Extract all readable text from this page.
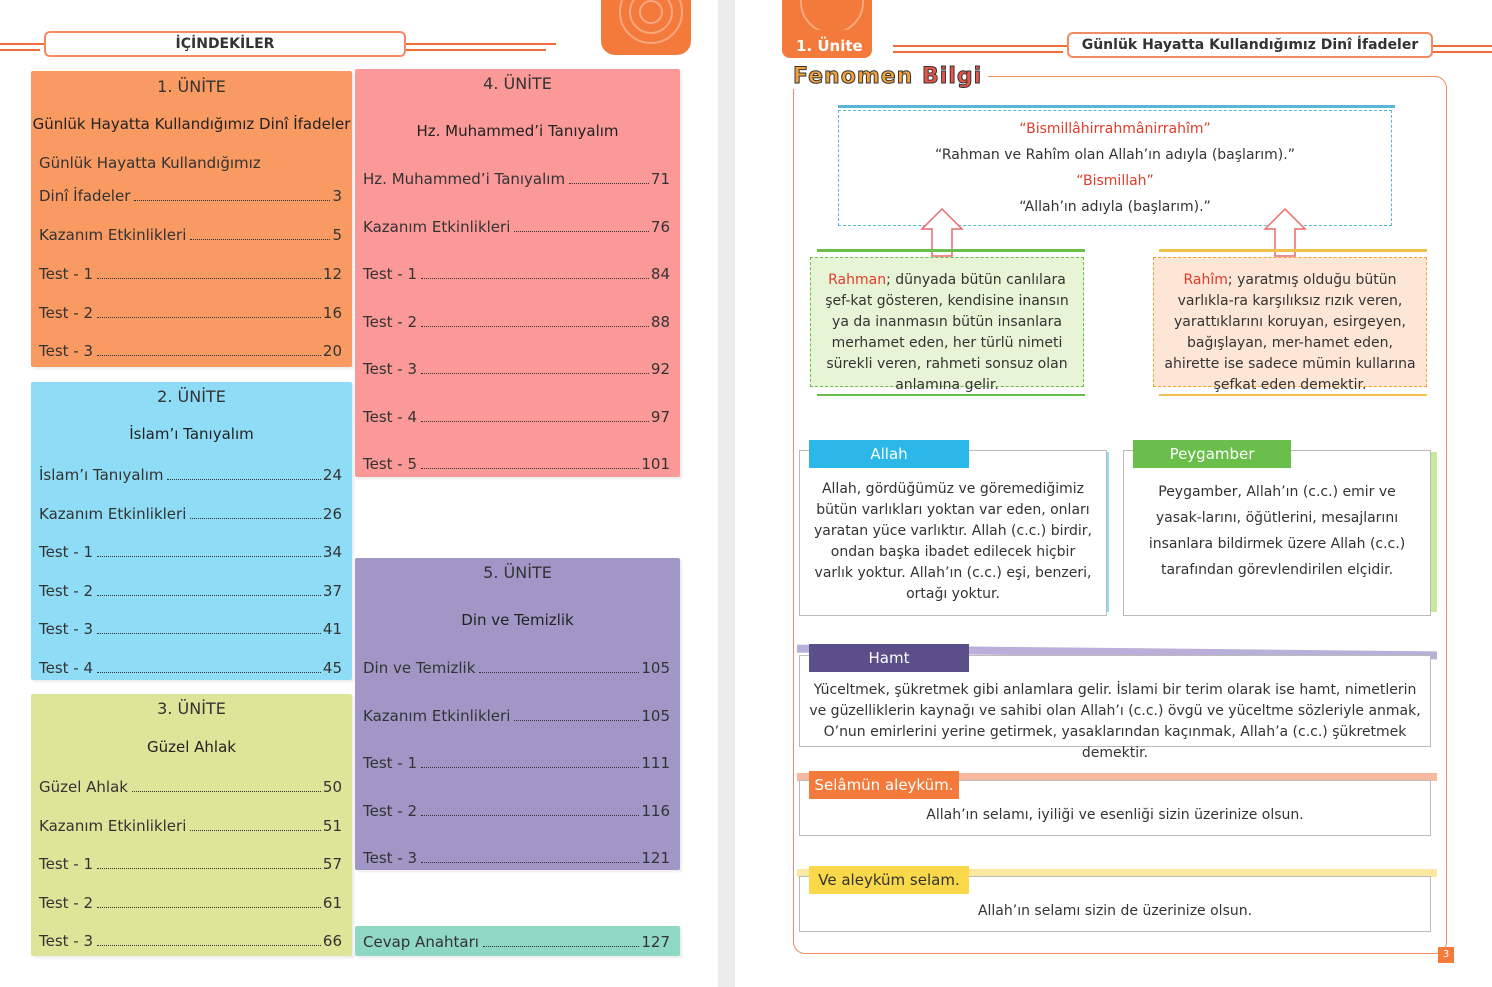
İÇİNDEKİLER
1. ÜNİTE
Günlük Hayatta Kullandığımız Dinî İfadeler
Günlük Hayatta Kullandığımız
Dinî İfadeler	3
Kazanım Etkinlikleri	5
Test - 1	12
Test - 2	16
Test - 3	20
2. ÜNİTE
İslam’ı Tanıyalım
İslam’ı Tanıyalım	24
Kazanım Etkinlikleri	26
Test - 1	34
Test - 2	37
Test - 3	41
Test - 4	45
3. ÜNİTE
Güzel Ahlak
Güzel Ahlak	50
Kazanım Etkinlikleri	51
Test - 1	57
Test - 2	61
Test - 3	66
4. ÜNİTE
Hz. Muhammed’i Tanıyalım
Hz. Muhammed’i Tanıyalım	71
Kazanım Etkinlikleri	76
Test - 1	84
Test - 2	88
Test - 3	92
Test - 4	97
Test - 5	101
5. ÜNİTE
Din ve Temizlik
Din ve Temizlik	105
Kazanım Etkinlikleri	105
Test - 1	111
Test - 2	116
Test - 3	121
Cevap Anahtarı	127
1. Ünite	Günlük Hayatta Kullandığımız Dinî İfadeler
Fenomen Bilgi
“Bismillâhirrahmânirrahîm”
“Rahman ve Rahîm olan Allah’ın adıyla (başlarım).”
“Bismillah”
“Allah’ın adıyla (başlarım).”
Rahman; dünyada bütün canlılara şef-kat gösteren, kendisine inansın ya da inanmasın bütün insanlara merhamet eden, her türlü nimeti sürekli veren, rahmeti sonsuz olan anlamına gelir.
Rahîm; yaratmış olduğu bütün varlıkla-ra karşılıksız rızık veren, yarattıklarını koruyan, esirgeyen, bağışlayan, mer-hamet eden, ahirette ise sadece mümin kullarına şefkat eden demektir.
Allah, gördüğümüz ve göremediğimiz bütün varlıkları yoktan var eden, onları yaratan yüce varlıktır. Allah (c.c.) birdir, ondan başka ibadet edilecek hiçbir varlık yoktur. Allah’ın (c.c.) eşi, benzeri, ortağı yoktur.
Allah
Peygamber, Allah’ın (c.c.) emir ve yasak-larını, öğütlerini, mesajlarını insanlara bildirmek üzere Allah (c.c.) tarafından görevlendirilen elçidir.
Peygamber
Yüceltmek, şükretmek gibi anlamlara gelir. İslami bir terim olarak ise hamt, nimetlerin ve güzelliklerin kaynağı ve sahibi olan Allah’ı (c.c.) övgü ve yüceltme sözleriyle anmak, O’nun emirlerini yerine getirmek, yasaklarından kaçınmak, Allah’a (c.c.) şükretmek demektir.
Hamt
Allah’ın selamı, iyiliği ve esenliği sizin üzerinize olsun.
Selâmün aleyküm.
Allah’ın selamı sizin de üzerinize olsun.
Ve aleyküm selam.
3
